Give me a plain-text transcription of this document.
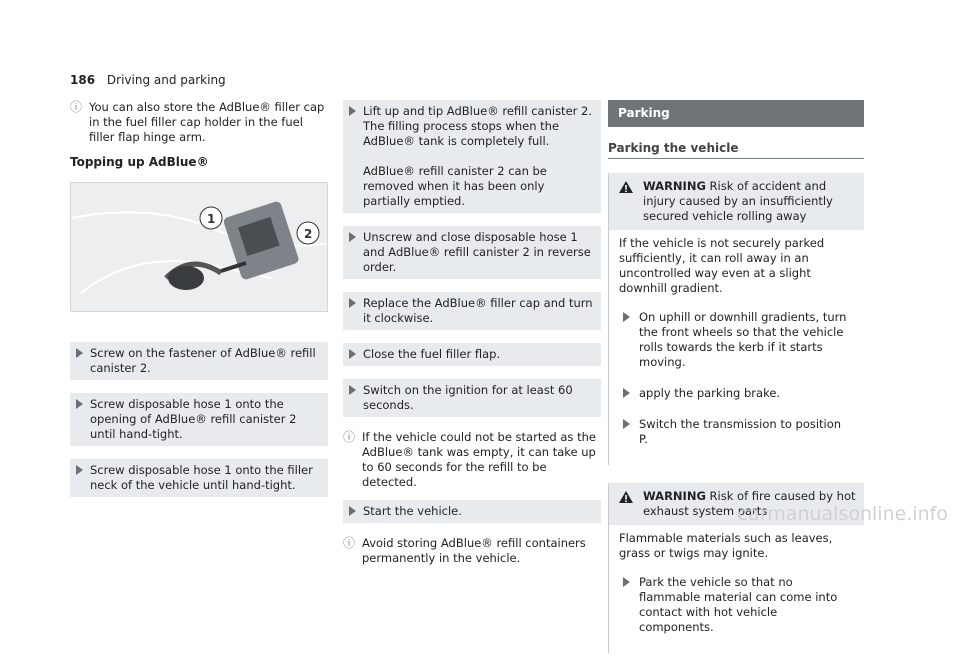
186 Driving and parking
ⓘ You can also store the AdBlue® filler cap in the fuel filler cap holder in the fuel filler flap hinge arm.
Topping up AdBlue®
1
2
Screw on the fastener of AdBlue® refill canister 2.
Screw disposable hose 1 onto the opening of AdBlue® refill canister 2 until hand-tight.
Screw disposable hose 1 onto the filler neck of the vehicle until hand-tight.
Lift up and tip AdBlue® refill canister 2. The filling process stops when the AdBlue® tank is completely full.

AdBlue® refill canister 2 can be removed when it has been only partially emptied.
Unscrew and close disposable hose 1 and AdBlue® refill canister 2 in reverse order.
Replace the AdBlue® filler cap and turn it clockwise.
Close the fuel filler flap.
Switch on the ignition for at least 60 seconds.
ⓘ If the vehicle could not be started as the AdBlue® tank was empty, it can take up to 60 seconds for the refill to be detected.
Start the vehicle.
ⓘ Avoid storing AdBlue® refill containers permanently in the vehicle.
Parking
Parking the vehicle
WARNING Risk of accident and injury caused by an insufficiently secured vehicle rolling away
If the vehicle is not securely parked sufficiently, it can roll away in an uncontrolled way even at a slight downhill gradient.
On uphill or downhill gradients, turn the front wheels so that the vehicle rolls towards the kerb if it starts moving.
apply the parking brake.
Switch the transmission to position P.
WARNING Risk of fire caused by hot exhaust system parts
Flammable materials such as leaves, grass or twigs may ignite.
Park the vehicle so that no flammable material can come into contact with hot vehicle components.
carmanualsonline.info
